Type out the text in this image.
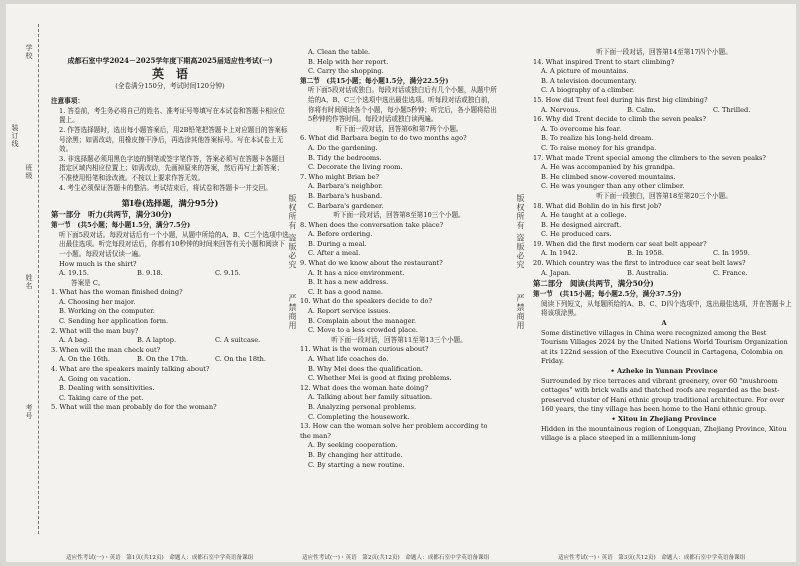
装订线
学校
班级
姓名
考号
版权所有 盗版必究
严禁商用
版权所有 盗版必究
严禁商用
成都石室中学2024－2025学年度下期高2025届适应性考试(一)
英　语
(全卷满分150分，考试时间120分钟)
注意事项：
1. 答卷前，考生务必将自己的姓名、准考证号等填写在本试卷和答题卡相应位置上。
2. 作答选择题时，选出每小题答案后，用2B铅笔把答题卡上对应题目的答案标号涂黑；如需改动，用橡皮擦干净后，再选涂其他答案标号。写在本试卷上无效。
3. 非选择题必须用黑色字迹的钢笔或签字笔作答，答案必须写在答题卡各题目指定区域内相应位置上；如需改动，先画掉原来的答案，然后再写上新答案；不准使用铅笔和涂改液。不按以上要求作答无效。
4. 考生必须保证答题卡的整洁。考试结束后，将试卷和答题卡一并交回。
第Ⅰ卷(选择题，满分95分)
第一部分　听力(共两节，满分30分)
第一节　(共5小题；每小题1.5分，满分7.5分)
听下面5段对话。每段对话后有一个小题，从题中所给的A、B、C三个选项中选出最佳选项。听完每段对话后，你都有10秒钟的时间来回答有关小题和阅读下一小题。每段对话仅读一遍。
How much is the shirt?
A. 19.15.	B. 9.18.	C. 9.15.
答案是 C。
1. What has the woman finished doing?
A. Choosing her major.
B. Working on the computer.
C. Sending her application form.
2. What will the man buy?
A. A bag.	B. A laptop.	C. A suitcase.
3. When will the man check out?
A. On the 16th.	B. On the 17th.	C. On the 18th.
4. What are the speakers mainly talking about?
A. Going on vacation.
B. Dealing with sensitivities.
C. Taking care of the pet.
5. What will the man probably do for the woman?
适应性考试(一)・英语　第1页(共12页)　命题人：成都石室中学英语备课组
A. Clean the table.
B. Help with her report.
C. Carry the shopping.
第二节　(共15小题；每小题1.5分，满分22.5分)
听下面5段对话或独白。每段对话或独白后有几个小题，从题中所给的A、B、C三个选项中选出最佳选项。听每段对话或独白前，你将有时间阅读各个小题，每小题5秒钟；听完后，各小题将给出5秒钟的作答时间。每段对话或独白读两遍。
听下面一段对话，回答第6和第7两个小题。
6. What did Barbara begin to do two months ago?
A. Do the gardening.
B. Tidy the bedrooms.
C. Decorate the living room.
7. Who might Brian be?
A. Barbara's neighbor.
B. Barbara's husband.
C. Barbara's gardener.
听下面一段对话，回答第8至第10三个小题。
8. When does the conversation take place?
A. Before ordering.
B. During a meal.
C. After a meal.
9. What do we know about the restaurant?
A. It has a nice environment.
B. It has a new address.
C. It has a good name.
10. What do the speakers decide to do?
A. Report service issues.
B. Complain about the manager.
C. Move to a less crowded place.
听下面一段对话，回答第11至第13三个小题。
11. What is the woman curious about?
A. What life coaches do.
B. Why Mei does the qualification.
C. Whether Mei is good at fixing problems.
12. What does the woman hate doing?
A. Talking about her family situation.
B. Analyzing personal problems.
C. Completing the housework.
13. How can the woman solve her problem according to the man?
A. By seeking cooperation.
B. By changing her attitude.
C. By starting a new routine.
适应性考试(一)・英语　第2页(共12页)　命题人：成都石室中学英语备课组
听下面一段对话，回答第14至第17四个小题。
14. What inspired Trent to start climbing?
A. A picture of mountains.
B. A television documentary.
C. A biography of a climber.
15. How did Trent feel during his first big climbing?
A. Nervous.	B. Calm.	C. Thrilled.
16. Why did Trent decide to climb the seven peaks?
A. To overcome his fear.
B. To realize his long-held dream.
C. To raise money for his grandpa.
17. What made Trent special among the climbers to the seven peaks?
A. He was accompanied by his grandpa.
B. He climbed snow-covered mountains.
C. He was younger than any other climber.
听下面一段独白，回答第18至第20三个小题。
18. What did Bohlin do in his first job?
A. He taught at a college.
B. He designed aircraft.
C. He produced cars.
19. When did the first modern car seat belt appear?
A. In 1942.	B. In 1958.	C. In 1959.
20. Which country was the first to introduce car seat belt laws?
A. Japan.	B. Australia.	C. France.
第二部分　阅读(共两节，满分50分)
第一节　(共15小题；每小题2.5分，满分37.5分)
阅读下列短文，从每题所给的A、B、C、D四个选项中，选出最佳选项，并在答题卡上将该项涂黑。
A
Some distinctive villages in China were recognized among the Best Tourism Villages 2024 by the United Nations World Tourism Organization at its 122nd session of the Executive Council in Cartagena, Colombia on Friday.
• Azheke in Yunnan Province
Surrounded by rice terraces and vibrant greenery, over 60 "mushroom cottages" with brick walls and thatched roofs are regarded as the best-preserved cluster of Hani ethnic group traditional architecture. For over 160 years, the tiny village has been home to the Hani ethnic group.
• Xitou in Zhejiang Province
Hidden in the mountainous region of Longquan, Zhejiang Province, Xitou village is a place steeped in a millennium-long
适应性考试(一)・英语　第3页(共12页)　命题人：成都石室中学英语备课组
